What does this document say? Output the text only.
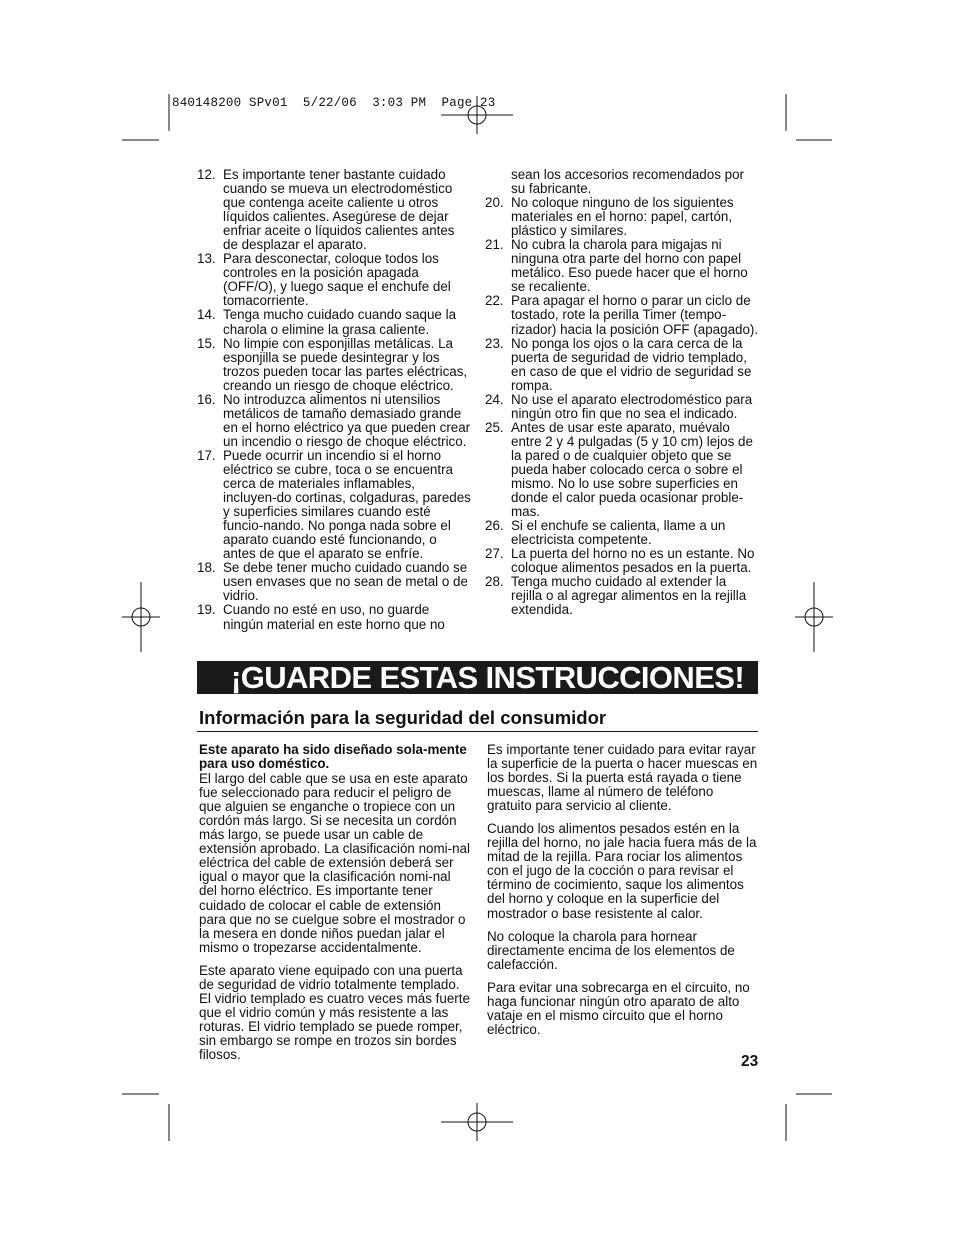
840148200 SPv01  5/22/06  3:03 PM  Page 23
12. Es importante tener bastante cuidado cuando se mueva un electrodoméstico que contenga aceite caliente u otros líquidos calientes. Asegúrese de dejar enfriar aceite o líquidos calientes antes de desplazar el aparato.
13. Para desconectar, coloque todos los controles en la posición apagada (OFF/O), y luego saque el enchufe del tomacorriente.
14. Tenga mucho cuidado cuando saque la charola o elimine la grasa caliente.
15. No limpie con esponjillas metálicas. La esponjilla se puede desintegrar y los trozos pueden tocar las partes eléctricas, creando un riesgo de choque eléctrico.
16. No introduzca alimentos ni utensilios metálicos de tamaño demasiado grande en el horno eléctrico ya que pueden crear un incendio o riesgo de choque eléctrico.
17. Puede ocurrir un incendio si el horno eléctrico se cubre, toca o se encuentra cerca de materiales inflamables, incluyen-do cortinas, colgaduras, paredes y superficies similares cuando esté funcio-nando. No ponga nada sobre el aparato cuando esté funcionando, o antes de que el aparato se enfríe.
18. Se debe tener mucho cuidado cuando se usen envases que no sean de metal o de vidrio.
19. Cuando no esté en uso, no guarde ningún material en este horno que no
sean los accesorios recomendados por su fabricante.
20. No coloque ninguno de los siguientes materiales en el horno: papel, cartón, plástico y similares.
21. No cubra la charola para migajas ni ninguna otra parte del horno con papel metálico. Eso puede hacer que el horno se recaliente.
22. Para apagar el horno o parar un ciclo de tostado, rote la perilla Timer (tempo-rizador) hacia la posición OFF (apagado).
23. No ponga los ojos o la cara cerca de la puerta de seguridad de vidrio templado, en caso de que el vidrio de seguridad se rompa.
24. No use el aparato electrodoméstico para ningún otro fin que no sea el indicado.
25. Antes de usar este aparato, muévalo entre 2 y 4 pulgadas (5 y 10 cm) lejos de la pared o de cualquier objeto que se pueda haber colocado cerca o sobre el mismo. No lo use sobre superficies en donde el calor pueda ocasionar proble-mas.
26. Si el enchufe se calienta, llame a un electricista competente.
27. La puerta del horno no es un estante. No coloque alimentos pesados en la puerta.
28. Tenga mucho cuidado al extender la rejilla o al agregar alimentos en la rejilla extendida.
¡GUARDE ESTAS INSTRUCCIONES!
Información para la seguridad del consumidor

Este aparato ha sido diseñado sola-mente para uso doméstico.

El largo del cable que se usa en este aparato fue seleccionado para reducir el peligro de que alguien se enganche o tropiece con un cordón más largo. Si se necesita un cordón más largo, se puede usar un cable de extensión aprobado. La clasificación nomi-nal eléctrica del cable de extensión deberá ser igual o mayor que la clasificación nomi-nal del horno eléctrico. Es importante tener cuidado de colocar el cable de extensión para que no se cuelgue sobre el mostrador o la mesera en donde niños puedan jalar el mismo o tropezarse accidentalmente.

Este aparato viene equipado con una puerta de seguridad de vidrio totalmente templado. El vidrio templado es cuatro veces más fuerte que el vidrio común y más resistente a las roturas. El vidrio templado se puede romper, sin embargo se rompe en trozos sin bordes filosos.

Es importante tener cuidado para evitar rayar la superficie de la puerta o hacer muescas en los bordes. Si la puerta está rayada o tiene muescas, llame al número de teléfono gratuito para servicio al cliente.

Cuando los alimentos pesados estén en la rejilla del horno, no jale hacia fuera más de la mitad de la rejilla. Para rociar los alimentos con el jugo de la cocción o para revisar el término de cocimiento, saque los alimentos del horno y coloque en la superficie del mostrador o base resistente al calor.

No coloque la charola para hornear directamente encima de los elementos de calefacción.

Para evitar una sobrecarga en el circuito, no haga funcionar ningún otro aparato de alto vataje en el mismo circuito que el horno eléctrico.

23
